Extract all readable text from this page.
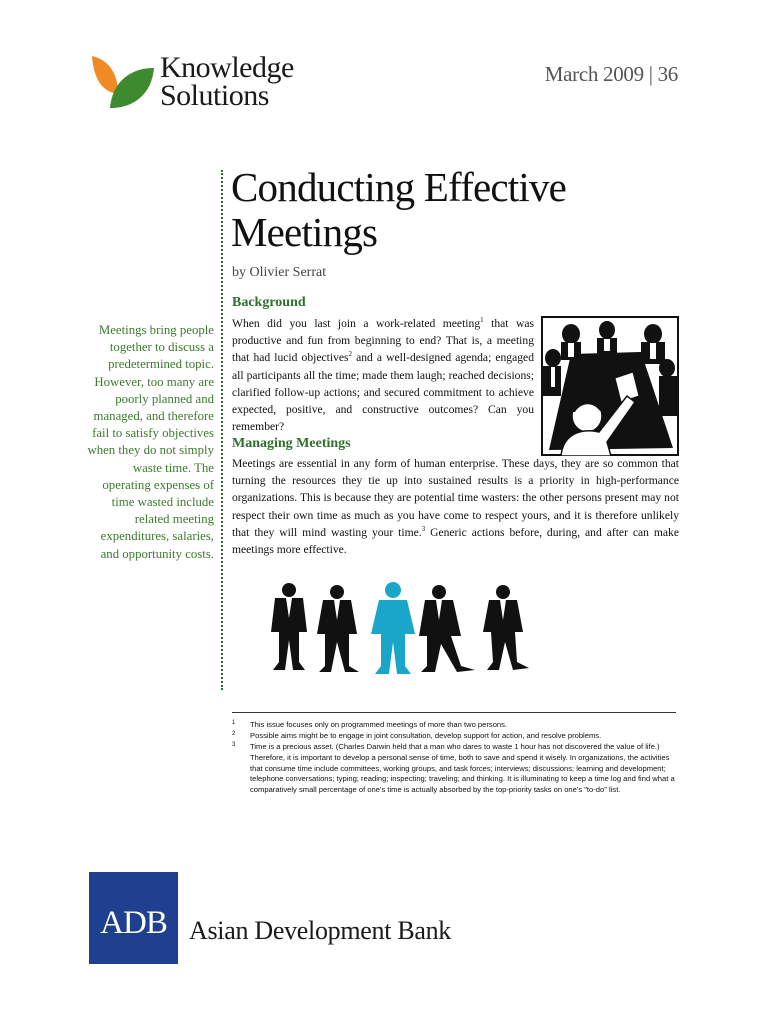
Knowledge
Solutions
March 2009 | 36
Conducting Effective Meetings
by Olivier Serrat
Background
When did you last join a work-related meeting$^1$ that was productive and fun from beginning to end? That is, a meeting that had lucid objectives$^2$ and a well-designed agenda; engaged all participants all the time; made them laugh; reached decisions; clarified follow-up actions; and secured commitment to achieve expected, positive, and constructive outcomes? Can you remember?
Managing Meetings
Meetings are essential in any form of human enterprise. These days, they are so common that turning the resources they tie up into sustained results is a priority in high-performance organizations. This is because they are potential time wasters: the other persons present may not respect their own time as much as you have come to respect yours, and it is therefore unlikely that they will mind wasting your time.$^3$ Generic actions before, during, and after can make meetings more effective.
Meetings bring people together to discuss a predetermined topic. However, too many are poorly planned and managed, and therefore fail to satisfy objectives when they do not simply waste time. The operating expenses of time wasted include related meeting expenditures, salaries, and opportunity costs.
1 This issue focuses only on programmed meetings of more than two persons.
2 Possible aims might be to engage in joint consultation, develop support for action, and resolve problems.
3 Time is a precious asset. (Charles Darwin held that a man who dares to waste 1 hour has not discovered the value of life.) Therefore, it is important to develop a personal sense of time, both to save and spend it wisely. In organizations, the activities that consume time include committees, working groups, and task forces; interviews; discussions; learning and development; telephone conversations; typing; reading; inspecting; traveling; and thinking. It is illuminating to keep a time log and find what a comparatively small percentage of one's time is actually absorbed by the top-priority tasks on one's "to-do" list.
ADB Asian Development Bank
